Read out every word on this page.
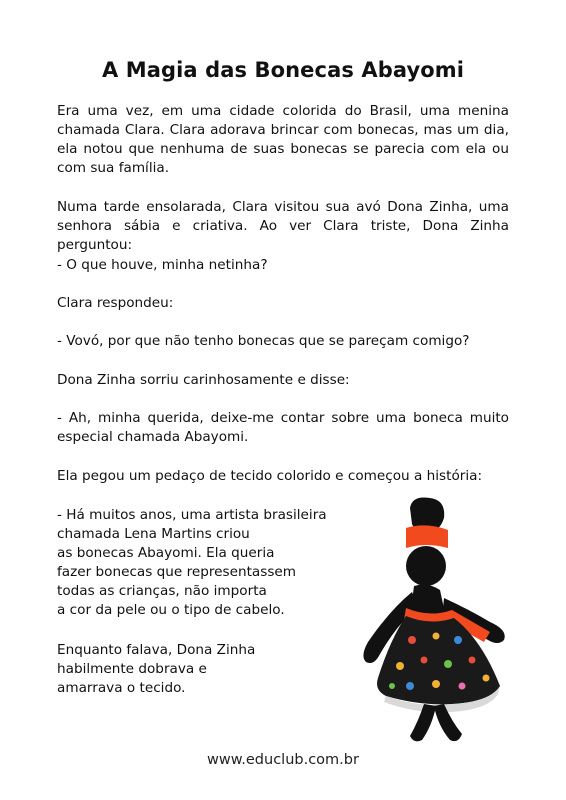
A Magia das Bonecas Abayomi

Era uma vez, em uma cidade colorida do Brasil, uma menina chamada Clara. Clara adorava brincar com bonecas, mas um dia, ela notou que nenhuma de suas bonecas se parecia com ela ou com sua família.

Numa tarde ensolarada, Clara visitou sua avó Dona Zinha, uma senhora sábia e criativa. Ao ver Clara triste, Dona Zinha perguntou:

- O que houve, minha netinha?

Clara respondeu:

- Vovó, por que não tenho bonecas que se pareçam comigo?

Dona Zinha sorriu carinhosamente e disse:

- Ah, minha querida, deixe-me contar sobre uma boneca muito especial chamada Abayomi.

Ela pegou um pedaço de tecido colorido e começou a história:

- Há muitos anos, uma artista brasileira
chamada Lena Martins criou
as bonecas Abayomi. Ela queria
fazer bonecas que representassem
todas as crianças, não importa
a cor da pele ou o tipo de cabelo.

Enquanto falava, Dona Zinha
habilmente dobrava e
amarrava o tecido.

www.educlub.com.br
